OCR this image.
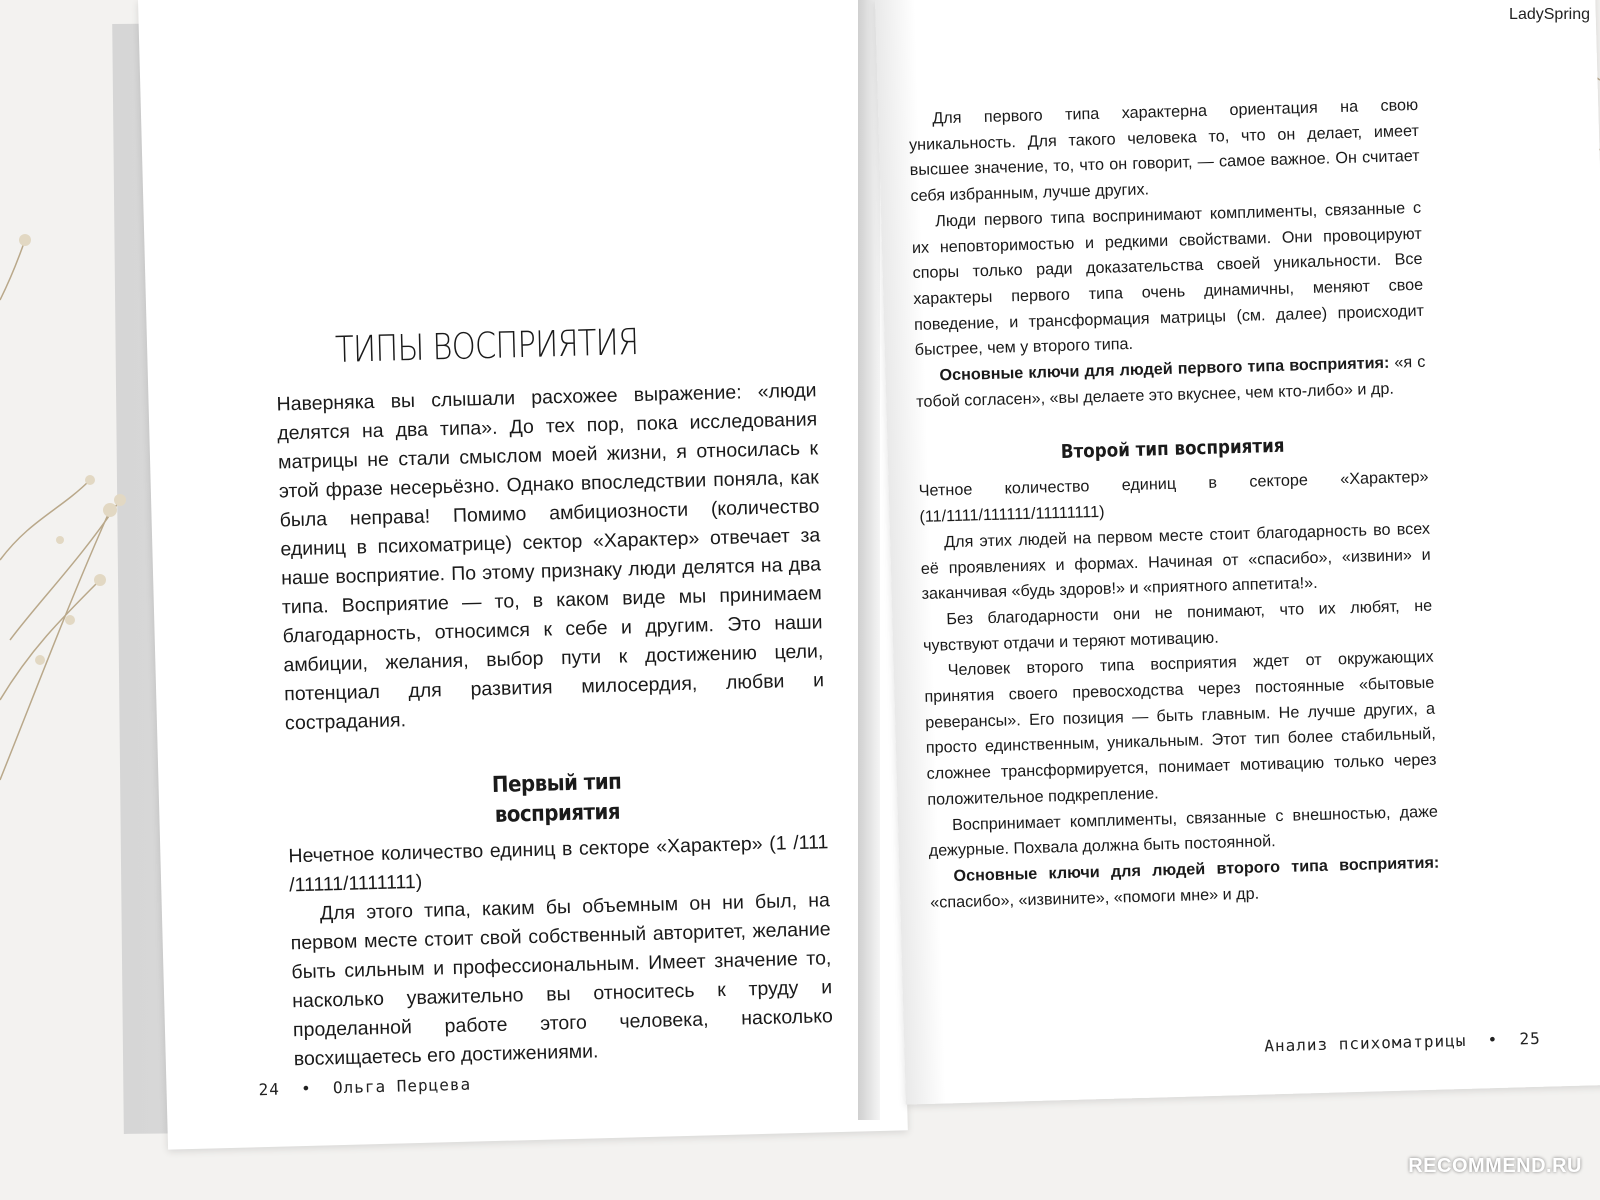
ТИПЫ ВОСПРИЯТИЯ

Наверняка вы слышали расхожее выражение: «люди делятся на два типа». До тех пор, пока исследования матрицы не стали смыслом моей жизни, я относилась к этой фразе несерьёзно. Однако впоследствии поняла, как была неправа! Помимо амбициозности (количество единиц в психоматрице) сектор «Характер» отвечает за наше восприятие. По этому признаку люди делятся на два типа. Восприятие — то, в каком виде мы принимаем благодарность, относимся к себе и другим. Это наши амбиции, желания, выбор пути к достижению цели, потенциал для развития милосердия, любви и сострадания.

Первый тип
восприятия

Нечетное количество единиц в секторе «Характер» (1 /111 /11111/1111111)

Для этого типа, каким бы объемным он ни был, на первом месте стоит свой собственный авторитет, желание быть сильным и профессиональным. Имеет значение то, насколько уважительно вы относитесь к труду и проделанной работе этого человека, насколько восхищаетесь его достижениями.

24 • Ольга Перцева

Для первого типа характерна ориентация на свою уникальность. Для такого человека то, что он делает, имеет высшее значение, то, что он говорит, — самое важное. Он считает себя избранным, лучше других.

Люди первого типа воспринимают комплименты, связанные с их неповторимостью и редкими свойствами. Они провоцируют споры только ради доказательства своей уникальности. Все характеры первого типа очень динамичны, меняют свое поведение, и трансформация матрицы (см. далее) происходит быстрее, чем у второго типа.

Основные ключи для людей первого типа восприятия: «я с тобой согласен», «вы делаете это вкуснее, чем кто-либо» и др.

Второй тип восприятия

Четное количество единиц в секторе «Характер» (11/1111/111111/11111111)

Для этих людей на первом месте стоит благодарность во всех её проявлениях и формах. Начиная от «спасибо», «извини» и заканчивая «будь здоров!» и «приятного аппетита!».

Без благодарности они не понимают, что их любят, не чувствуют отдачи и теряют мотивацию.

Человек второго типа восприятия ждет от окружающих принятия своего превосходства через постоянные «бытовые реверансы». Его позиция — быть главным. Не лучше других, а просто единственным, уникальным. Этот тип более стабильный, сложнее трансформируется, понимает мотивацию только через положительное подкрепление.

Воспринимает комплименты, связанные с внешностью, даже дежурные. Похвала должна быть постоянной.

Основные ключи для людей второго типа восприятия: «спасибо», «извините», «помоги мне» и др.

Анализ психоматрицы • 25
LadySpring
RECOMMEND.RU
